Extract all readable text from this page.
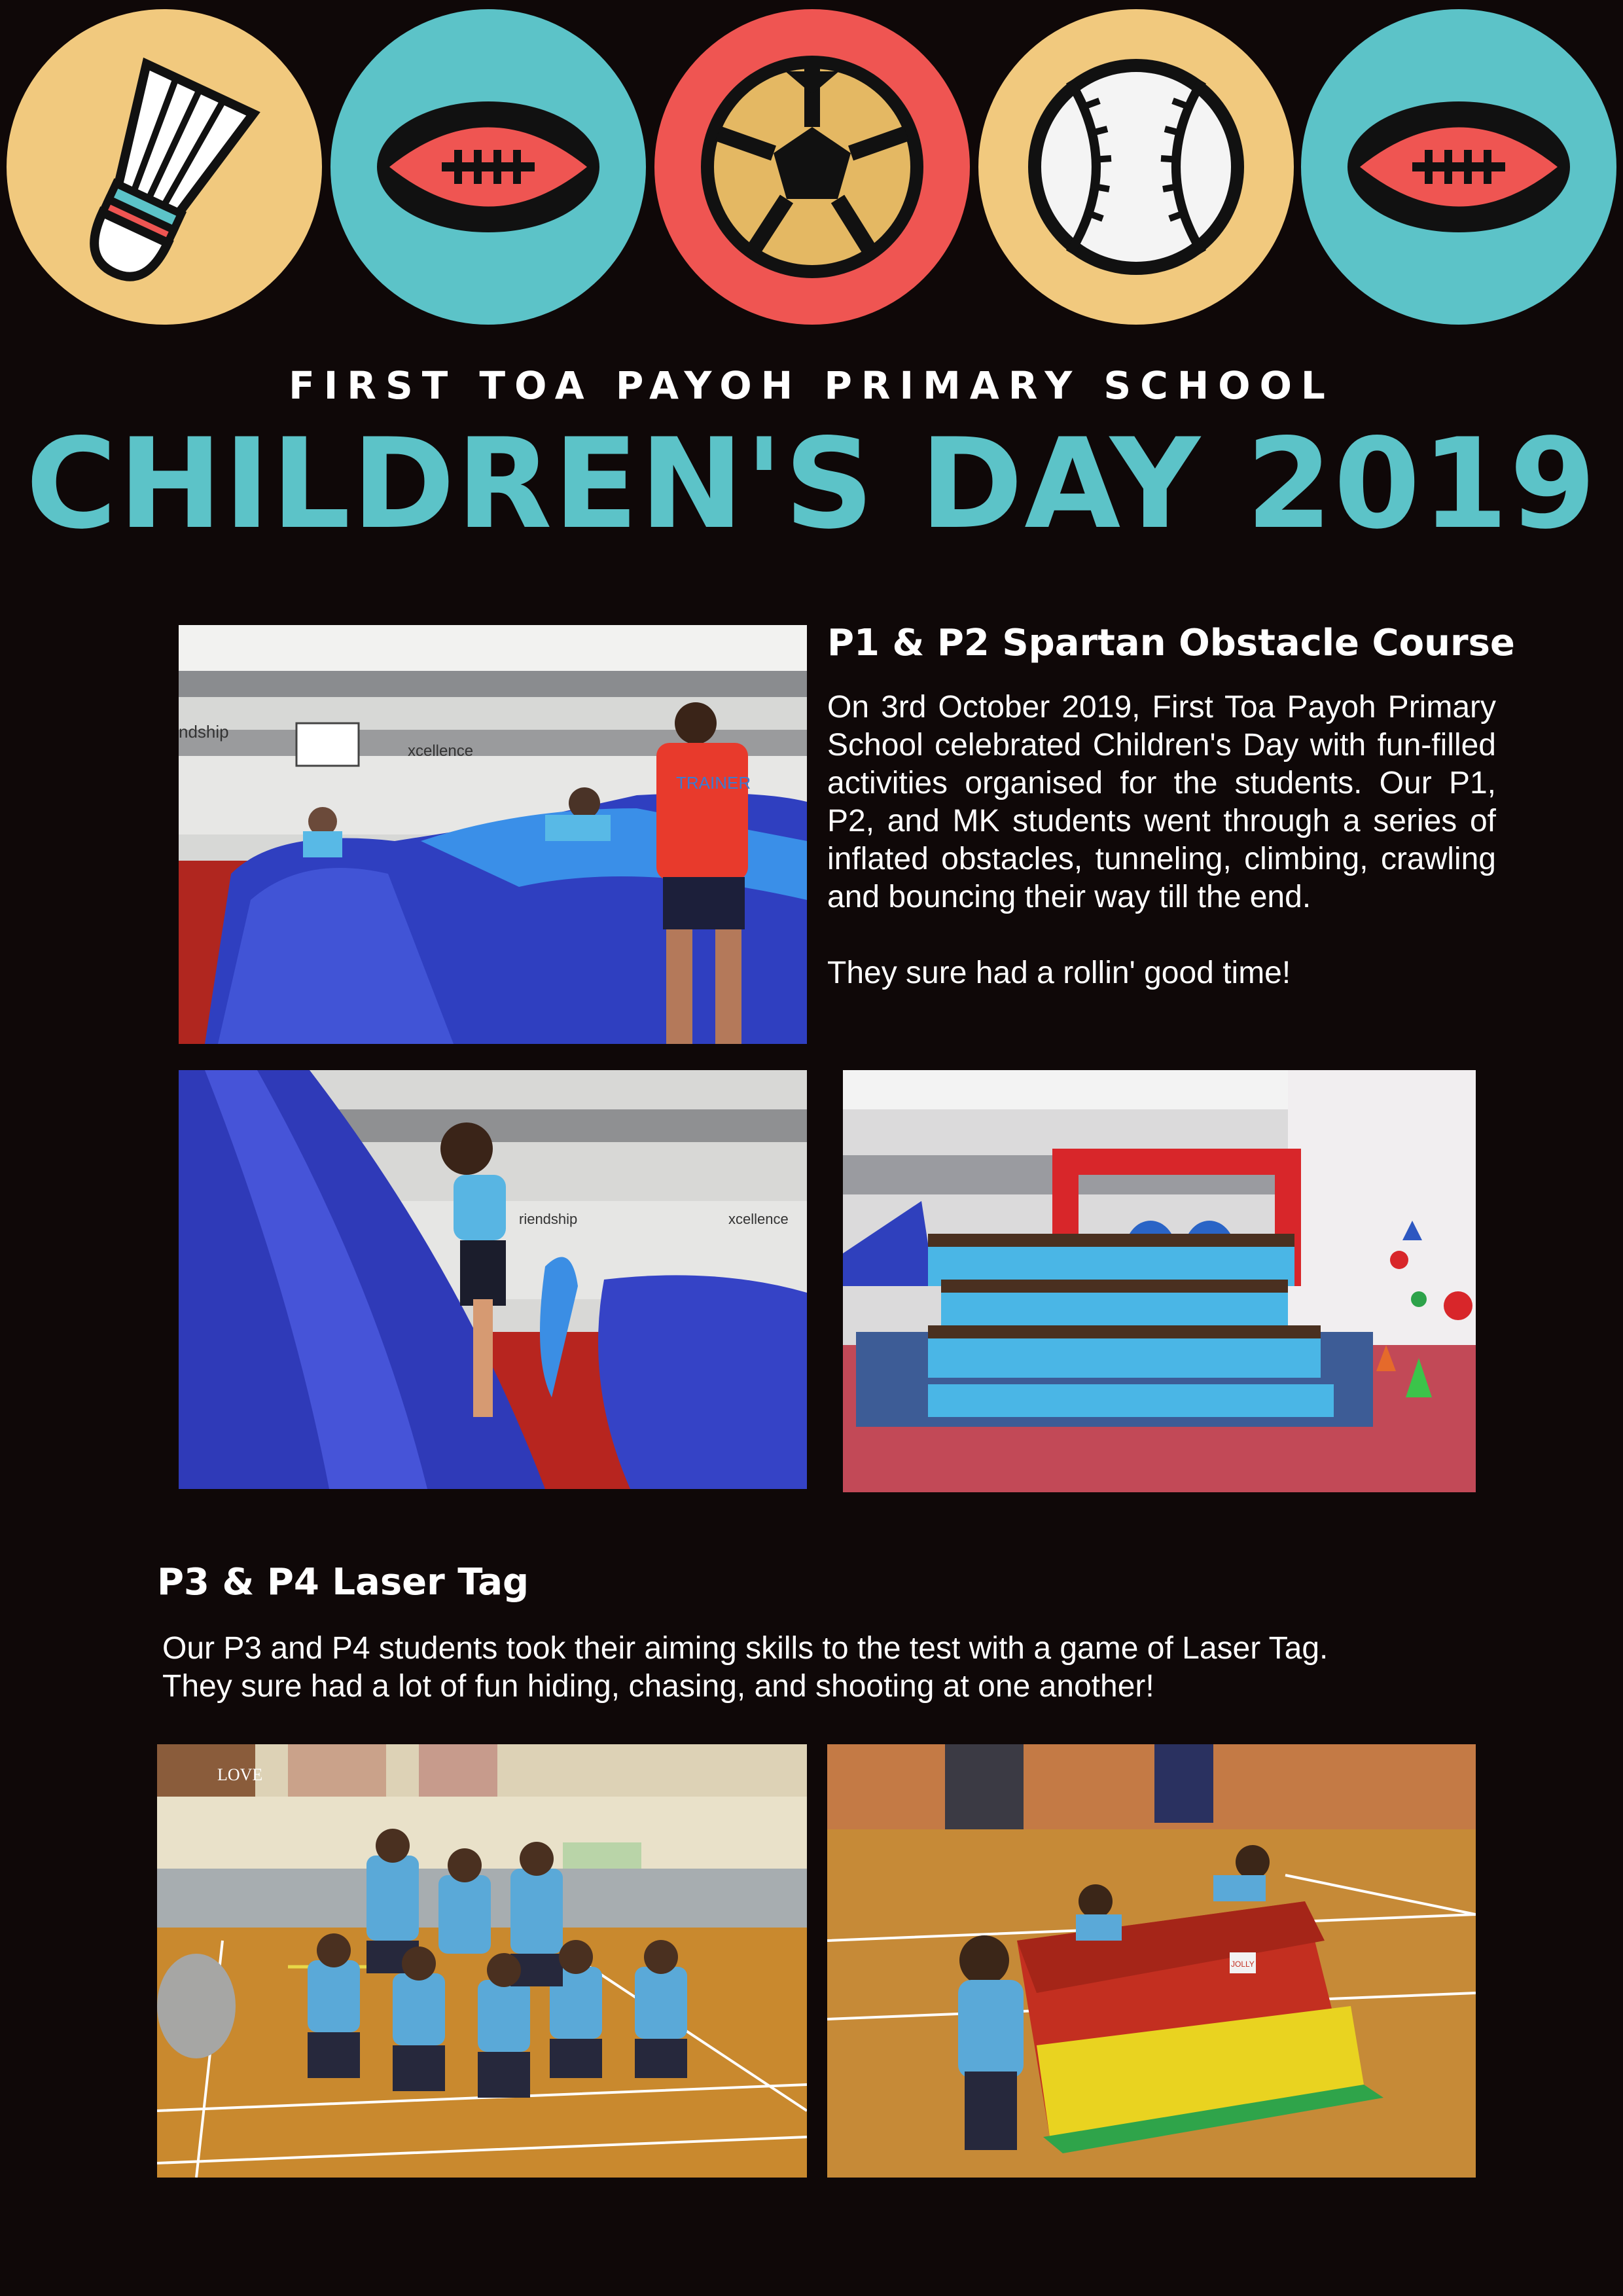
FIRST TOA PAYOH PRIMARY SCHOOL
CHILDREN'S DAY 2019
ndship
xcellence
TRAINER
P1 & P2 Spartan Obstacle Course

On 3rd October 2019, First Toa Payoh Primary School celebrated Children's Day with fun-filled activities organised for the students. Our P1, P2, and MK students went through a series of inflated obstacles, tunneling, climbing, crawling and bouncing their way till the end.

They sure had a rollin' good time!

riendship	xcellence
P3 & P4 Laser Tag
Our P3 and P4 students took their aiming skills to the test with a game of Laser Tag.
They sure had a lot of fun hiding, chasing, and shooting at one another!
LOVE
JOLLY
